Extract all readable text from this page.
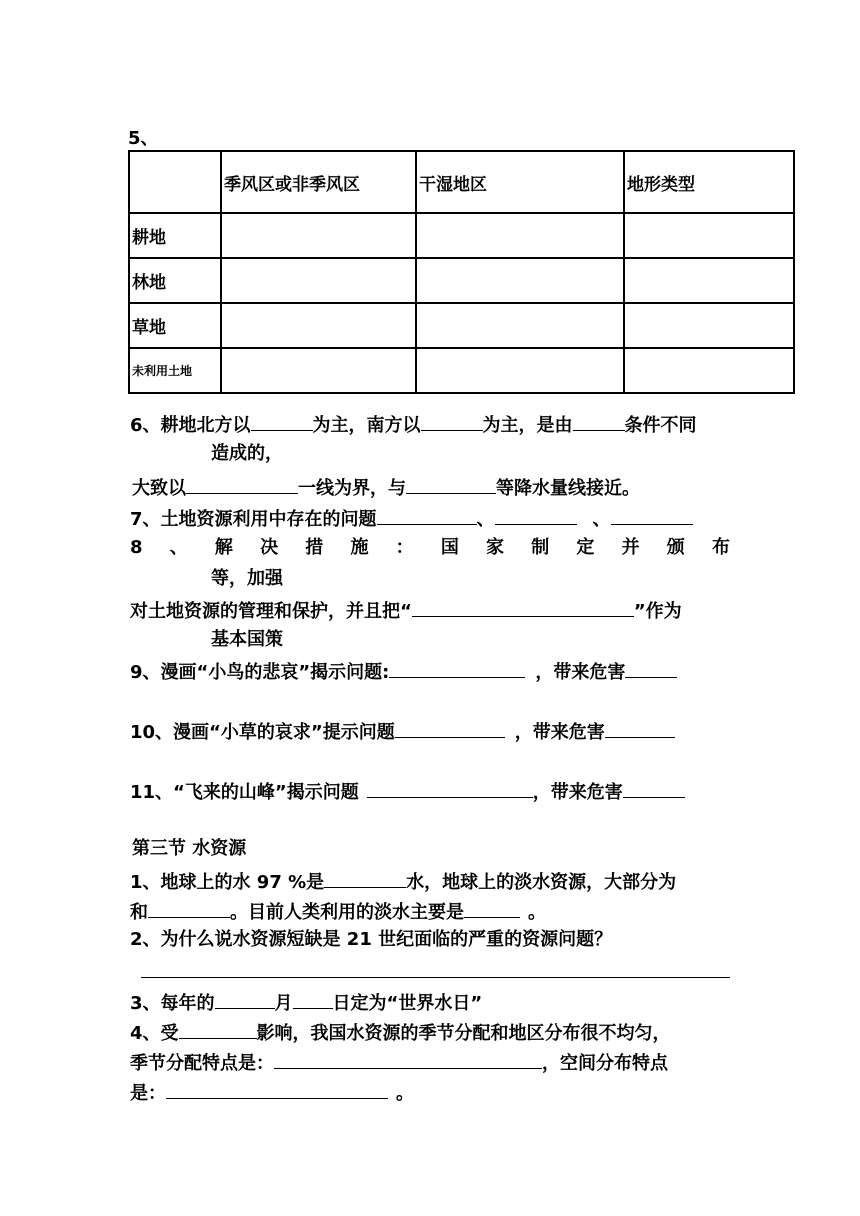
5、
	季风区或非季风区	干湿地区	地形类型
耕地			
林地			
草地			
未利用土地			
6、耕地北方以	为主，南方以	为主，是由	条件不同
造成的，
大致以	一线为界，与	等降水量线接近。
7、土地资源利用中存在的问题	、	、
8 、 解 决 措 施 ： 国 家 制 定 并 颁 布
等，加强
对土地资源的管理和保护，并且把“	”作为
基本国策
9、漫画“小鸟的悲哀”揭示问题:	，带来危害
10、漫画“小草的哀求”提示问题	，带来危害
11、“飞来的山峰”揭示问题	，带来危害
第三节 水资源
1、地球上的水 97 %是	水，地球上的淡水资源，大部分为
和	。目前人类利用的淡水主要是	。
2、为什么说水资源短缺是 21 世纪面临的严重的资源问题？
3、每年的	月 日定为“世界水日”
4、受	影响，我国水资源的季节分配和地区分布很不均匀，
季节分配特点是：	，空间分布特点
是：	。
